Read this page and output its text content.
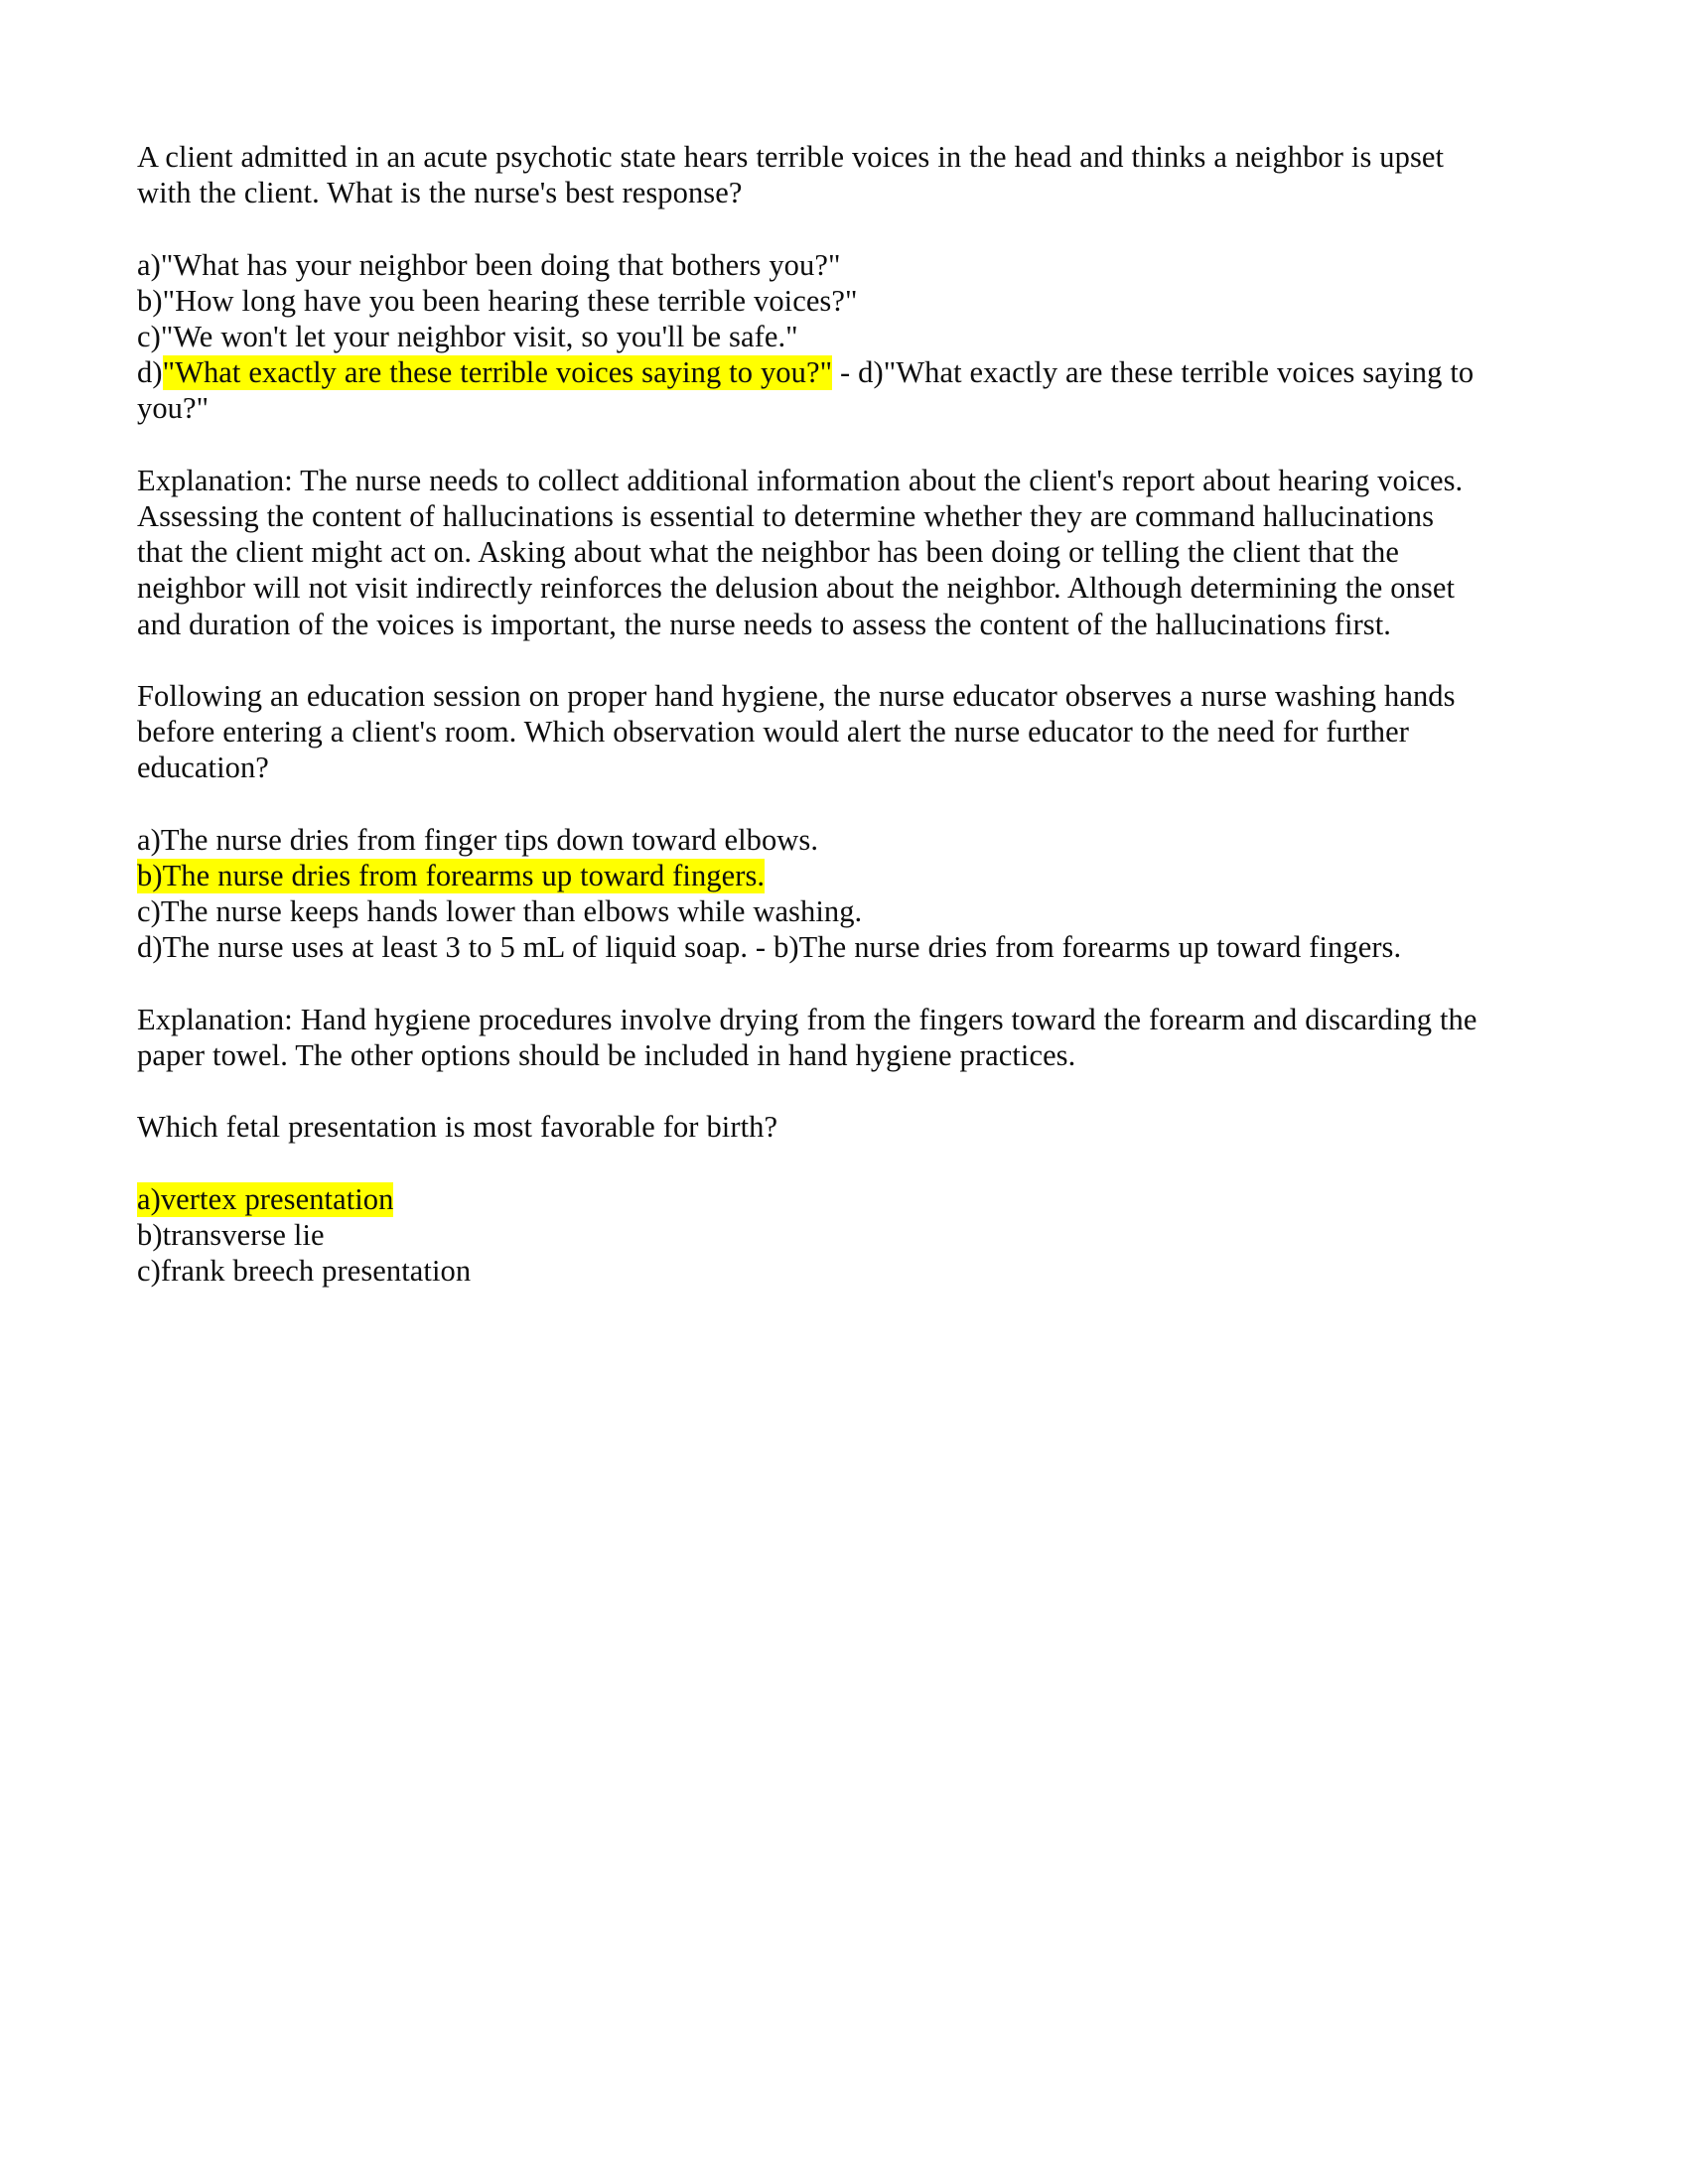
A client admitted in an acute psychotic state hears terrible voices in the head and thinks a neighbor is upset with the client. What is the nurse's best response?

a)"What has your neighbor been doing that bothers you?"
b)"How long have you been hearing these terrible voices?"
c)"We won't let your neighbor visit, so you'll be safe."
d)"What exactly are these terrible voices saying to you?" - d)"What exactly are these terrible voices saying to you?"

Explanation: The nurse needs to collect additional information about the client's report about hearing voices. Assessing the content of hallucinations is essential to determine whether they are command hallucinations that the client might act on. Asking about what the neighbor has been doing or telling the client that the neighbor will not visit indirectly reinforces the delusion about the neighbor. Although determining the onset and duration of the voices is important, the nurse needs to assess the content of the hallucinations first.

Following an education session on proper hand hygiene, the nurse educator observes a nurse washing hands before entering a client's room. Which observation would alert the nurse educator to the need for further education?

a)The nurse dries from finger tips down toward elbows.
b)The nurse dries from forearms up toward fingers.
c)The nurse keeps hands lower than elbows while washing.
d)The nurse uses at least 3 to 5 mL of liquid soap. - b)The nurse dries from forearms up toward fingers.

Explanation: Hand hygiene procedures involve drying from the fingers toward the forearm and discarding the paper towel. The other options should be included in hand hygiene practices.

Which fetal presentation is most favorable for birth?

a)vertex presentation
b)transverse lie
c)frank breech presentation
